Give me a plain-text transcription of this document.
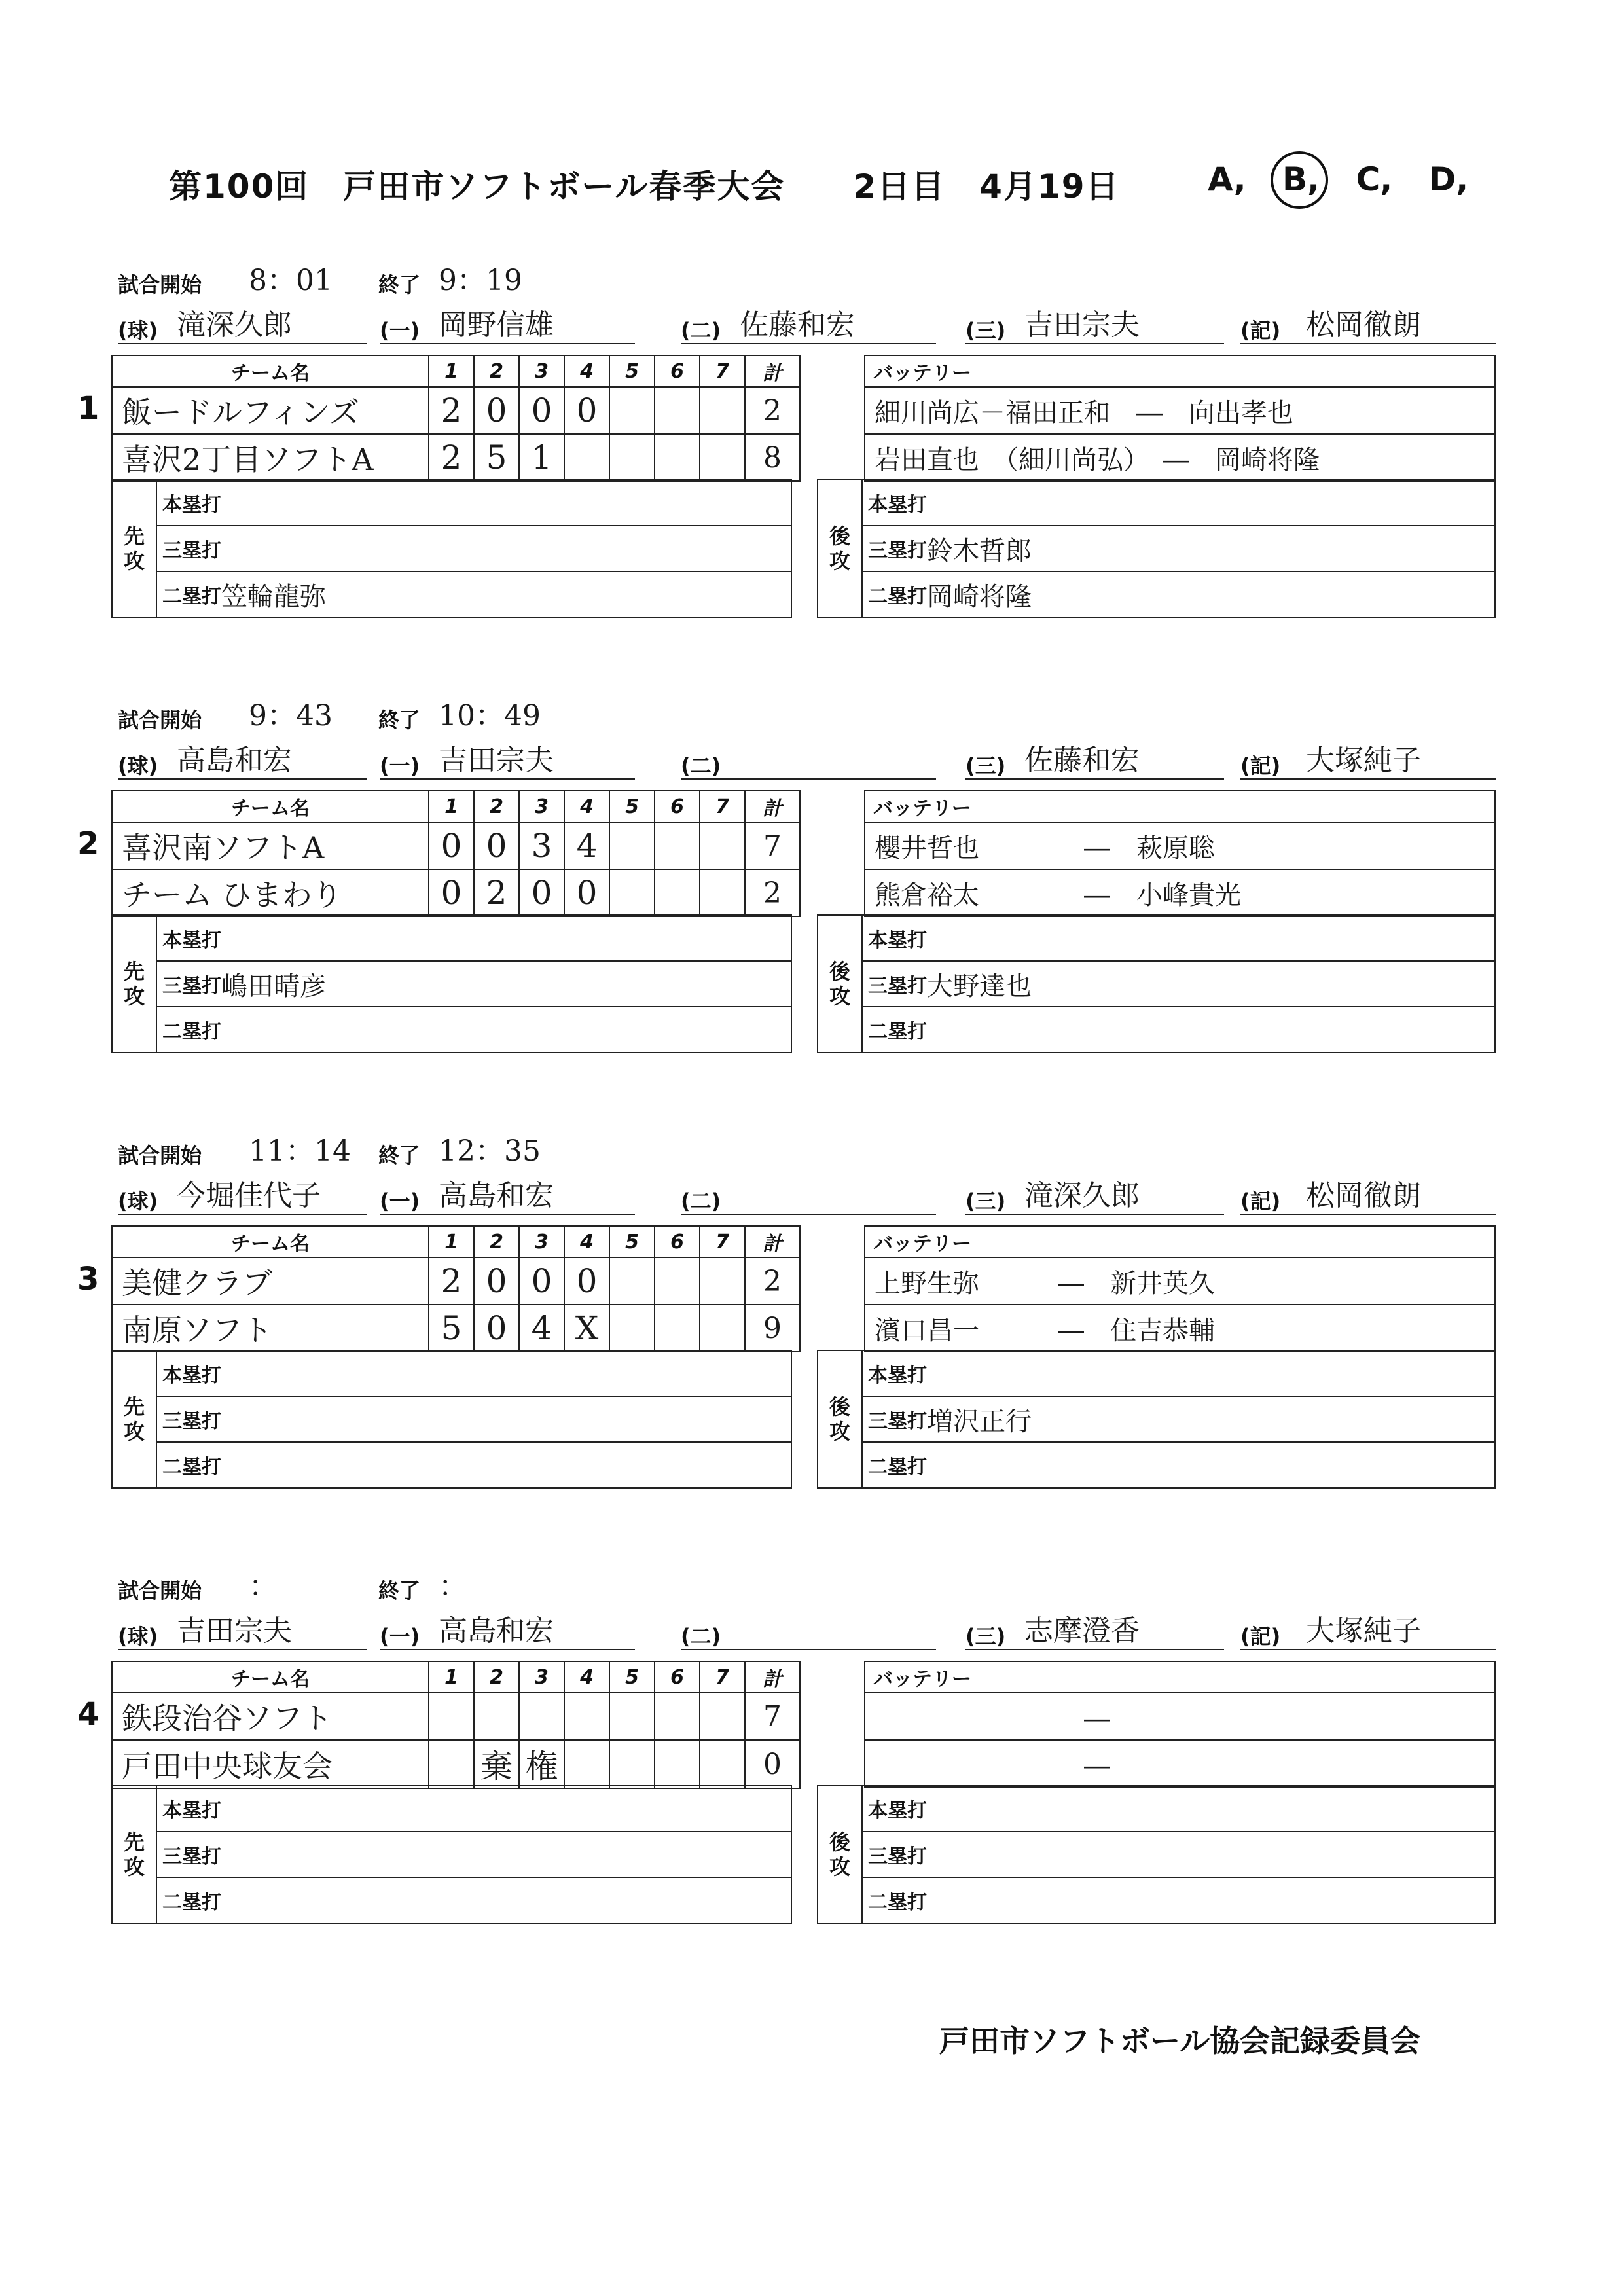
第100回　戸田市ソフトボール春季大会　　2日目　4月19日	A, B, C, D,
1
試合開始 8：01 終了 9：19
(球) 滝深久郎	(一) 岡野信雄	(二) 佐藤和宏	(三) 吉田宗夫	(記) 松岡徹朗
チーム名	1	2	3	4	5	6	7	計
飯ードルフィンズ	2	0	0	0				2
喜沢2丁目ソフトA	2	5	1					8
バッテリー
細川尚広－福田正和　―　向出孝也
岩田直也　（細川尚弘）　―　岡崎将隆
先
攻	本塁打	
	三塁打	
	二塁打	笠輪龍弥
後
攻	本塁打	
	三塁打	鈴木哲郎
	二塁打	岡崎将隆
2
試合開始 9：43 終了 10：49
(球) 高島和宏	(一) 吉田宗夫	(二)	(三) 佐藤和宏	(記) 大塚純子
チーム名	1	2	3	4	5	6	7	計
喜沢南ソフトA	0	0	3	4				7
チーム ひまわり	0	2	0	0				2
バッテリー
櫻井哲也　　　　―　萩原聡
熊倉裕太　　　　―　小峰貴光
先
攻	本塁打	
	三塁打	嶋田晴彦
	二塁打	
後
攻	本塁打	
	三塁打	大野達也
	二塁打	
3
試合開始 11：14 終了 12：35
(球) 今堀佳代子	(一) 高島和宏	(二)	(三) 滝深久郎	(記) 松岡徹朗
チーム名	1	2	3	4	5	6	7	計
美健クラブ	2	0	0	0				2
南原ソフト	5	0	4	X				9
バッテリー
上野生弥　　　―　新井英久
濱口昌一　　　―　住吉恭輔
先
攻	本塁打	
	三塁打	
	二塁打	
後
攻	本塁打	
	三塁打	増沢正行
	二塁打	
4
試合開始 ：	終了 ：
(球) 吉田宗夫	(一) 高島和宏	(二)	(三) 志摩澄香	(記) 大塚純子
チーム名	1	2	3	4	5	6	7	計
鉄段治谷ソフト								7
戸田中央球友会		棄	権					0
バッテリー
　　　　　　　　―
　　　　　　　　―
先
攻	本塁打	
	三塁打	
	二塁打	
後
攻	本塁打	
	三塁打	
	二塁打	
戸田市ソフトボール協会記録委員会
